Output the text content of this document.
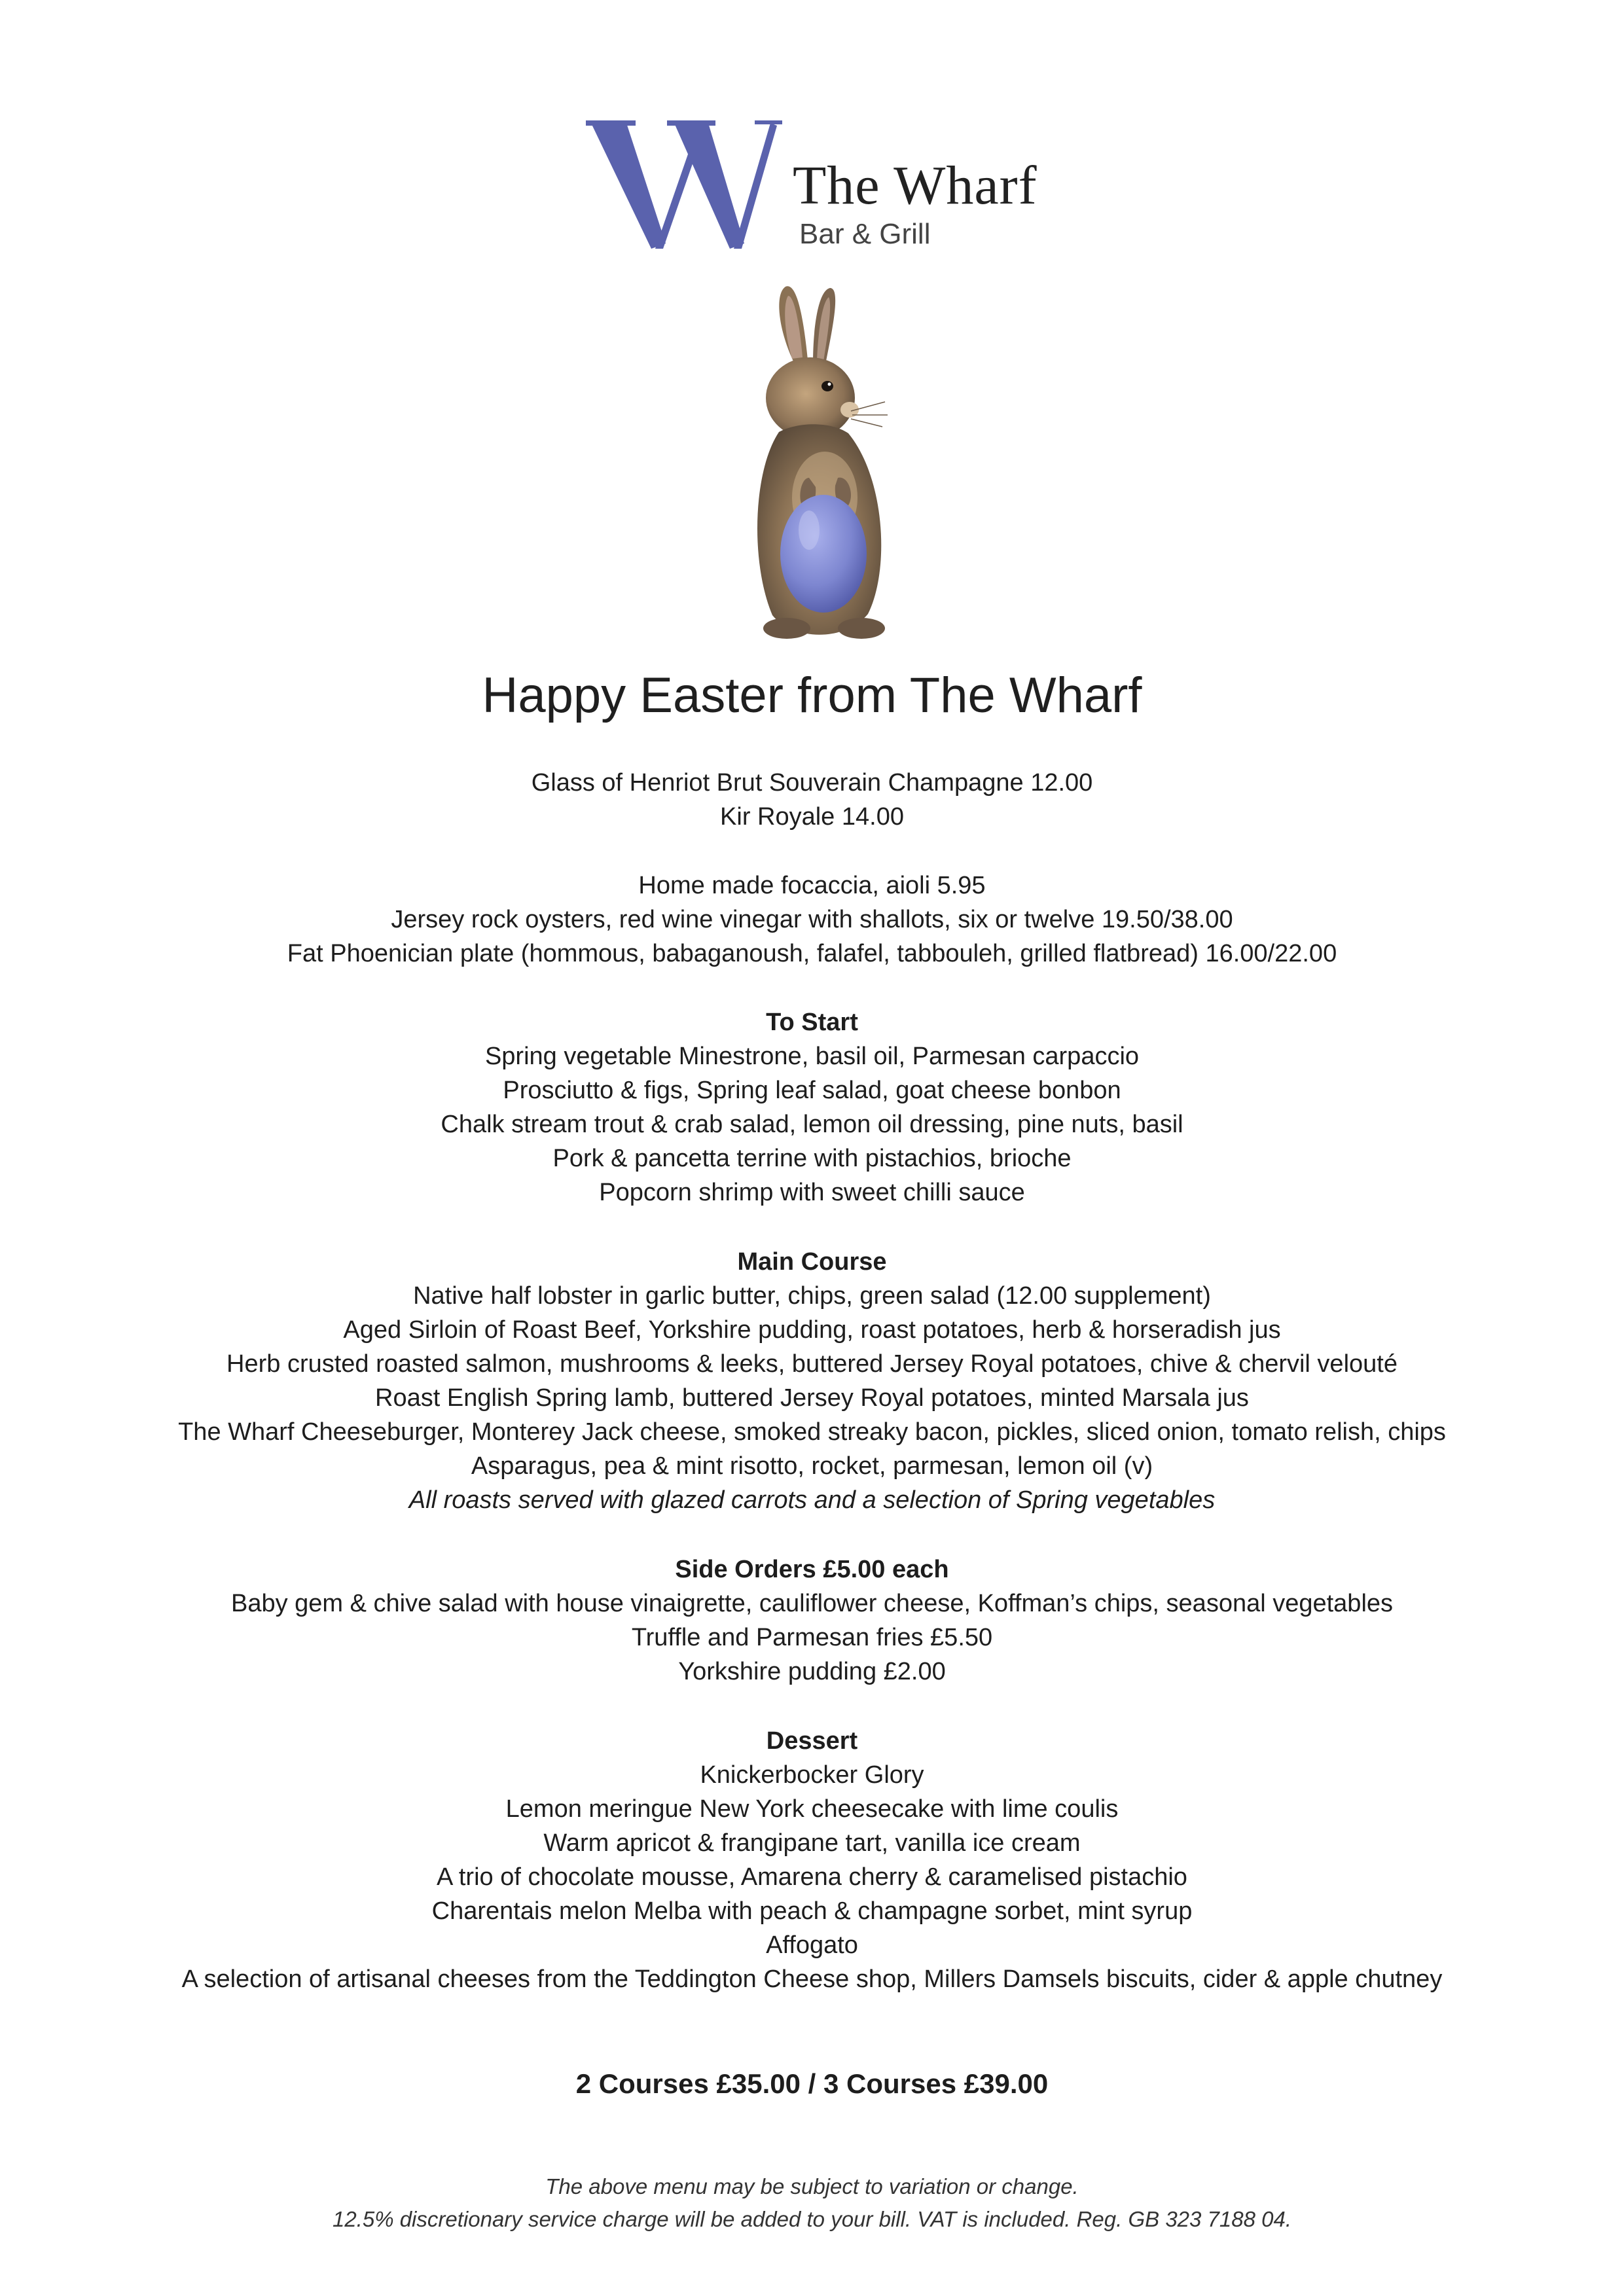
The Wharf
Bar & Grill
Happy Easter from The Wharf
Glass of Henriot Brut Souverain Champagne 12.00
Kir Royale 14.00
Home made focaccia, aioli 5.95
Jersey rock oysters, red wine vinegar with shallots, six or twelve 19.50/38.00
Fat Phoenician plate (hommous, babaganoush, falafel, tabbouleh, grilled flatbread) 16.00/22.00
To Start
Spring vegetable Minestrone, basil oil, Parmesan carpaccio
Prosciutto & figs, Spring leaf salad, goat cheese bonbon
Chalk stream trout & crab salad, lemon oil dressing, pine nuts, basil
Pork & pancetta terrine with pistachios, brioche
Popcorn shrimp with sweet chilli sauce
Main Course
Native half lobster in garlic butter, chips, green salad (12.00 supplement)
Aged Sirloin of Roast Beef, Yorkshire pudding, roast potatoes, herb & horseradish jus
Herb crusted roasted salmon, mushrooms & leeks, buttered Jersey Royal potatoes, chive & chervil velouté
Roast English Spring lamb, buttered Jersey Royal potatoes, minted Marsala jus
The Wharf Cheeseburger, Monterey Jack cheese, smoked streaky bacon, pickles, sliced onion, tomato relish, chips
Asparagus, pea & mint risotto, rocket, parmesan, lemon oil (v)
All roasts served with glazed carrots and a selection of Spring vegetables
Side Orders £5.00 each
Baby gem & chive salad with house vinaigrette, cauliflower cheese, Koffman’s chips, seasonal vegetables
Truffle and Parmesan fries £5.50
Yorkshire pudding £2.00
Dessert
Knickerbocker Glory
Lemon meringue New York cheesecake with lime coulis
Warm apricot & frangipane tart, vanilla ice cream
A trio of chocolate mousse, Amarena cherry & caramelised pistachio
Charentais melon Melba with peach & champagne sorbet, mint syrup
Affogato
A selection of artisanal cheeses from the Teddington Cheese shop, Millers Damsels biscuits, cider & apple chutney
2 Courses £35.00 / 3 Courses £39.00
The above menu may be subject to variation or change.
12.5% discretionary service charge will be added to your bill. VAT is included. Reg. GB 323 7188 04.
